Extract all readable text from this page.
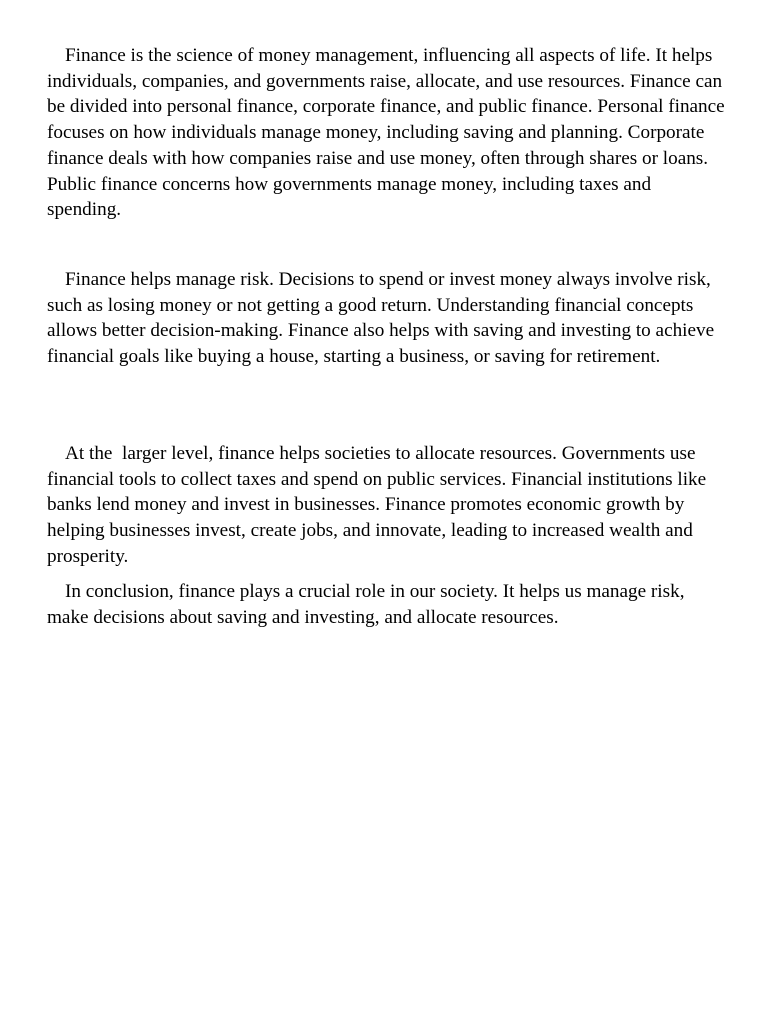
Finance is the science of money management, influencing all aspects of life. It helps individuals, companies, and governments raise, allocate, and use resources. Finance can be divided into personal finance, corporate finance, and public finance. Personal finance focuses on how individuals manage money, including saving and planning. Corporate finance deals with how companies raise and use money, often through shares or loans. Public finance concerns how governments manage money, including taxes and spending.

Finance helps manage risk. Decisions to spend or invest money always involve risk, such as losing money or not getting a good return. Understanding financial concepts allows better decision-making. Finance also helps with saving and investing to achieve financial goals like buying a house, starting a business, or saving for retirement.

At the  larger level, finance helps societies to allocate resources. Governments use financial tools to collect taxes and spend on public services. Financial institutions like banks lend money and invest in businesses. Finance promotes economic growth by helping businesses invest, create jobs, and innovate, leading to increased wealth and prosperity.

In conclusion, finance plays a crucial role in our society. It helps us manage risk, make decisions about saving and investing, and allocate resources.
